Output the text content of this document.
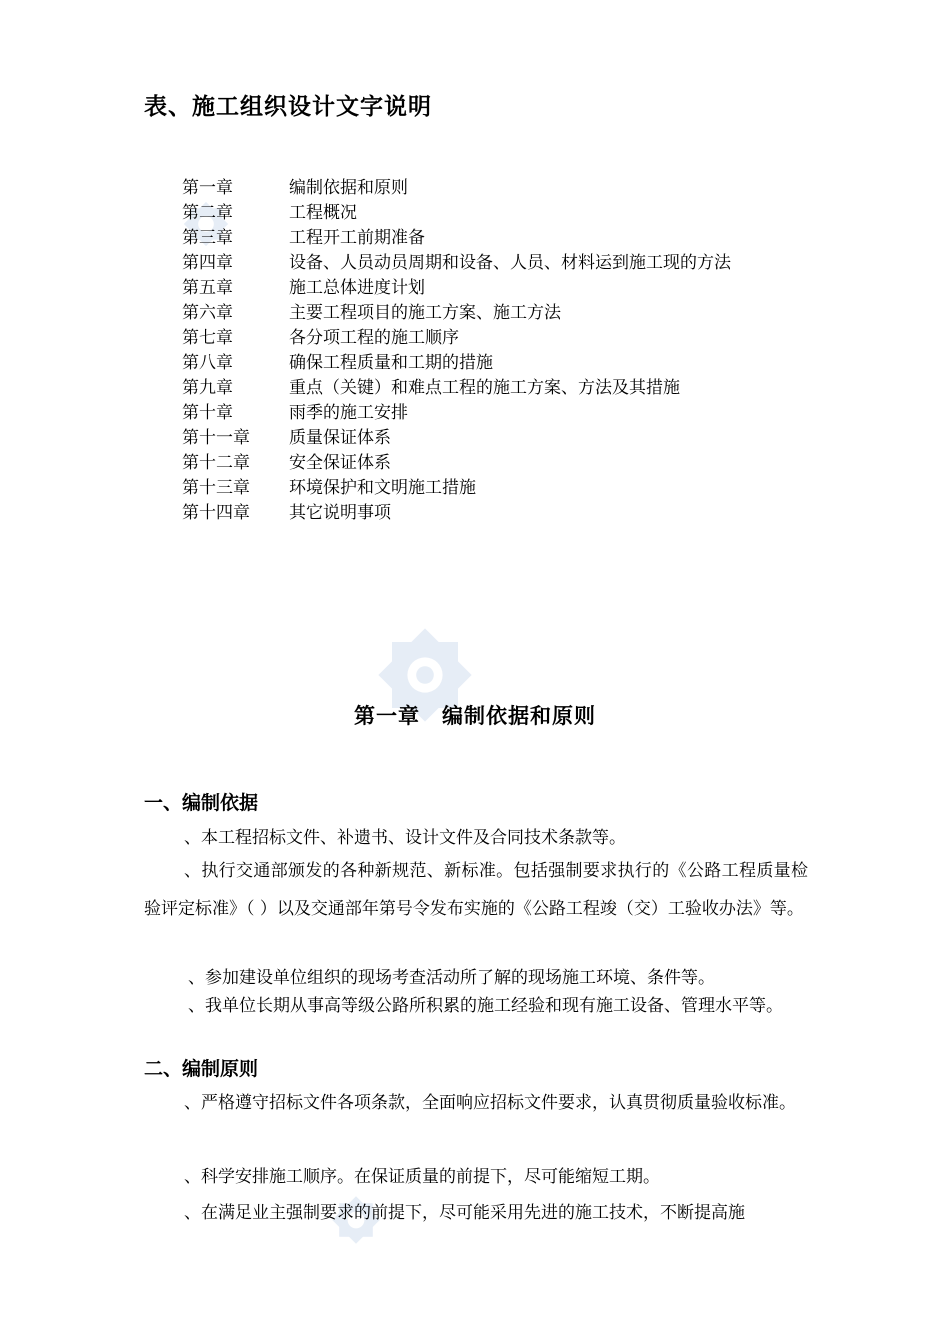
表、施工组织设计文字说明
第一章	编制依据和原则
第二章	工程概况
第三章	工程开工前期准备
第四章	设备、人员动员周期和设备、人员、材料运到施工现的方法
第五章	施工总体进度计划
第六章	主要工程项目的施工方案、施工方法
第七章	各分项工程的施工顺序
第八章	确保工程质量和工期的措施
第九章	重点（关键）和难点工程的施工方案、方法及其措施
第十章	雨季的施工安排
第十一章 质量保证体系
第十二章 安全保证体系
第十三章 环境保护和文明施工措施
第十四章 其它说明事项
第一章　编制依据和原则
一、编制依据
、本工程招标文件、补遗书、设计文件及合同技术条款等。
、执行交通部颁发的各种新规范、新标准。包括强制要求执行的《公路工程质量检验评定标准》（ ）以及交通部年第号令发布实施的《公路工程竣（交）工验收办法》等。
、参加建设单位组织的现场考查活动所了解的现场施工环境、条件等。
、我单位长期从事高等级公路所积累的施工经验和现有施工设备、管理水平等。
二、编制原则
、严格遵守招标文件各项条款，全面响应招标文件要求，认真贯彻质量验收标准。
、科学安排施工顺序。在保证质量的前提下，尽可能缩短工期。
、在满足业主强制要求的前提下，尽可能采用先进的施工技术，不断提高施
